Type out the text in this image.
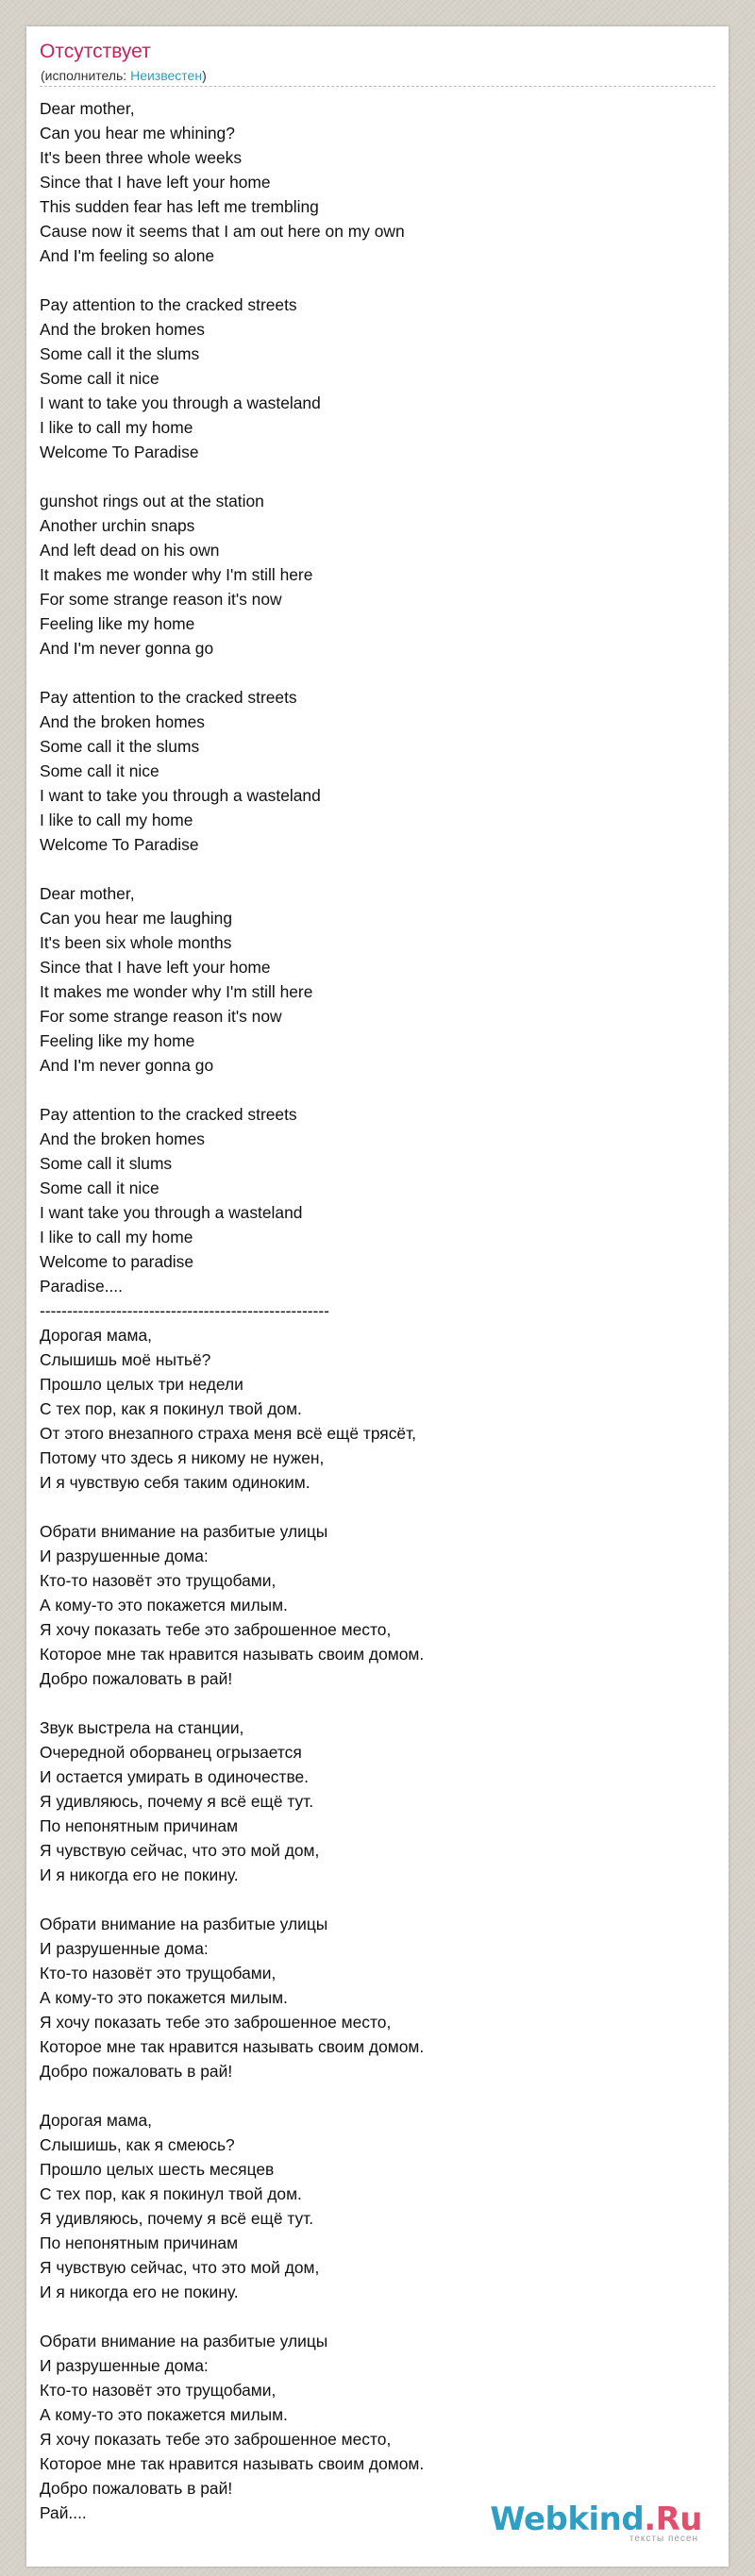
Отсутствует
(исполнитель: Неизвестен)
Dear mother,
Can you hear me whining?
It's been three whole weeks
Since that I have left your home
This sudden fear has left me trembling
Cause now it seems that I am out here on my own
And I'm feeling so alone
Pay attention to the cracked streets
And the broken homes
Some call it the slums
Some call it nice
I want to take you through a wasteland
I like to call my home
Welcome To Paradise
gunshot rings out at the station
Another urchin snaps
And left dead on his own
It makes me wonder why I'm still here
For some strange reason it's now
Feeling like my home
And I'm never gonna go
Pay attention to the cracked streets
And the broken homes
Some call it the slums
Some call it nice
I want to take you through a wasteland
I like to call my home
Welcome To Paradise
Dear mother,
Can you hear me laughing
It's been six whole months
Since that I have left your home
It makes me wonder why I'm still here
For some strange reason it's now
Feeling like my home
And I'm never gonna go
Pay attention to the cracked streets
And the broken homes
Some call it slums
Some call it nice
I want take you through a wasteland
I like to call my home
Welcome to paradise
Paradise....
-----------------------------------------------------
Дорогая мама,
Слышишь моё нытьё?
Прошло целых три недели
С тех пор, как я покинул твой дом.
От этого внезапного страха меня всё ещё трясёт,
Потому что здесь я никому не нужен,
И я чувствую себя таким одиноким.
Обрати внимание на разбитые улицы
И разрушенные дома:
Кто-то назовёт это трущобами,
А кому-то это покажется милым.
Я хочу показать тебе это заброшенное место,
Которое мне так нравится называть своим домом.
Добро пожаловать в рай!
Звук выстрела на станции,
Очередной оборванец огрызается
И остается умирать в одиночестве.
Я удивляюсь, почему я всё ещё тут.
По непонятным причинам
Я чувствую сейчас, что это мой дом,
И я никогда его не покину.
Обрати внимание на разбитые улицы
И разрушенные дома:
Кто-то назовёт это трущобами,
А кому-то это покажется милым.
Я хочу показать тебе это заброшенное место,
Которое мне так нравится называть своим домом.
Добро пожаловать в рай!
Дорогая мама,
Слышишь, как я смеюсь?
Прошло целых шесть месяцев
С тех пор, как я покинул твой дом.
Я удивляюсь, почему я всё ещё тут.
По непонятным причинам
Я чувствую сейчас, что это мой дом,
И я никогда его не покину.
Обрати внимание на разбитые улицы
И разрушенные дома:
Кто-то назовёт это трущобами,
А кому-то это покажется милым.
Я хочу показать тебе это заброшенное место,
Которое мне так нравится называть своим домом.
Добро пожаловать в рай!
Рай....	Webkind.Ru
тексты песен
